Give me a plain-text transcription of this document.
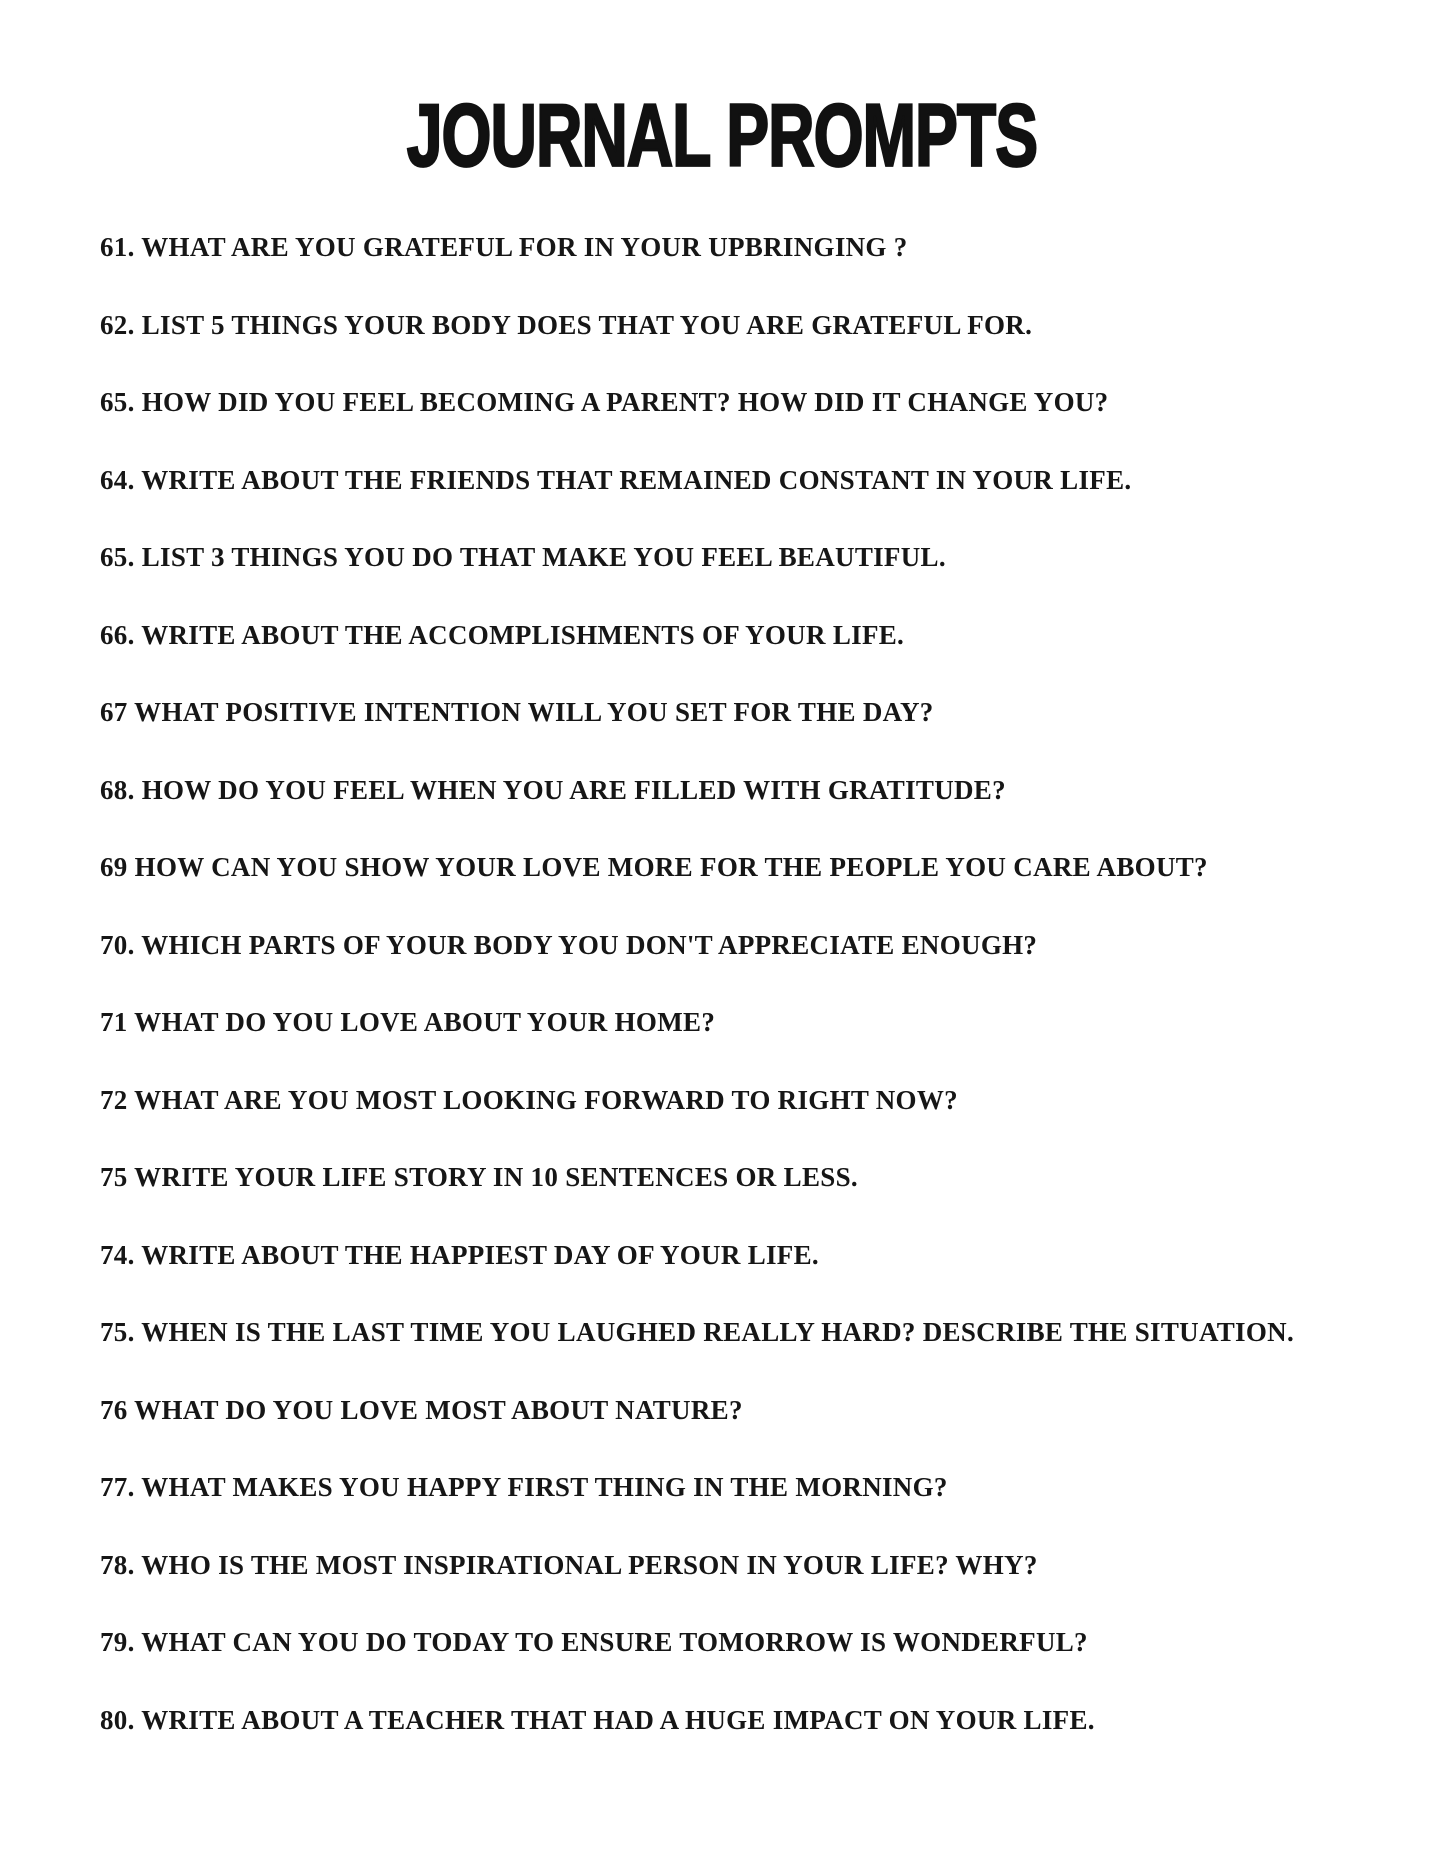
JOURNAL PROMPTS
61. WHAT ARE YOU GRATEFUL FOR IN YOUR UPBRINGING ?
62. LIST 5 THINGS YOUR BODY DOES THAT YOU ARE GRATEFUL FOR.
65. HOW DID YOU FEEL BECOMING A PARENT? HOW DID IT CHANGE YOU?
64. WRITE ABOUT THE FRIENDS THAT REMAINED CONSTANT IN YOUR LIFE.
65. LIST 3 THINGS YOU DO THAT MAKE YOU FEEL BEAUTIFUL.
66. WRITE ABOUT THE ACCOMPLISHMENTS OF YOUR LIFE.
67 WHAT POSITIVE INTENTION WILL YOU SET FOR THE DAY?
68. HOW DO YOU FEEL WHEN YOU ARE FILLED WITH GRATITUDE?
69 HOW CAN YOU SHOW YOUR LOVE MORE FOR THE PEOPLE YOU CARE ABOUT?
70. WHICH PARTS OF YOUR BODY YOU DON'T APPRECIATE ENOUGH?
71 WHAT DO YOU LOVE ABOUT YOUR HOME?
72 WHAT ARE YOU MOST LOOKING FORWARD TO RIGHT NOW?
75 WRITE YOUR LIFE STORY IN 10 SENTENCES OR LESS.
74. WRITE ABOUT THE HAPPIEST DAY OF YOUR LIFE.
75. WHEN IS THE LAST TIME YOU LAUGHED REALLY HARD? DESCRIBE THE SITUATION.
76 WHAT DO YOU LOVE MOST ABOUT NATURE?
77. WHAT MAKES YOU HAPPY FIRST THING IN THE MORNING?
78. WHO IS THE MOST INSPIRATIONAL PERSON IN YOUR LIFE? WHY?
79. WHAT CAN YOU DO TODAY TO ENSURE TOMORROW IS WONDERFUL?
80. WRITE ABOUT A TEACHER THAT HAD A HUGE IMPACT ON YOUR LIFE.
